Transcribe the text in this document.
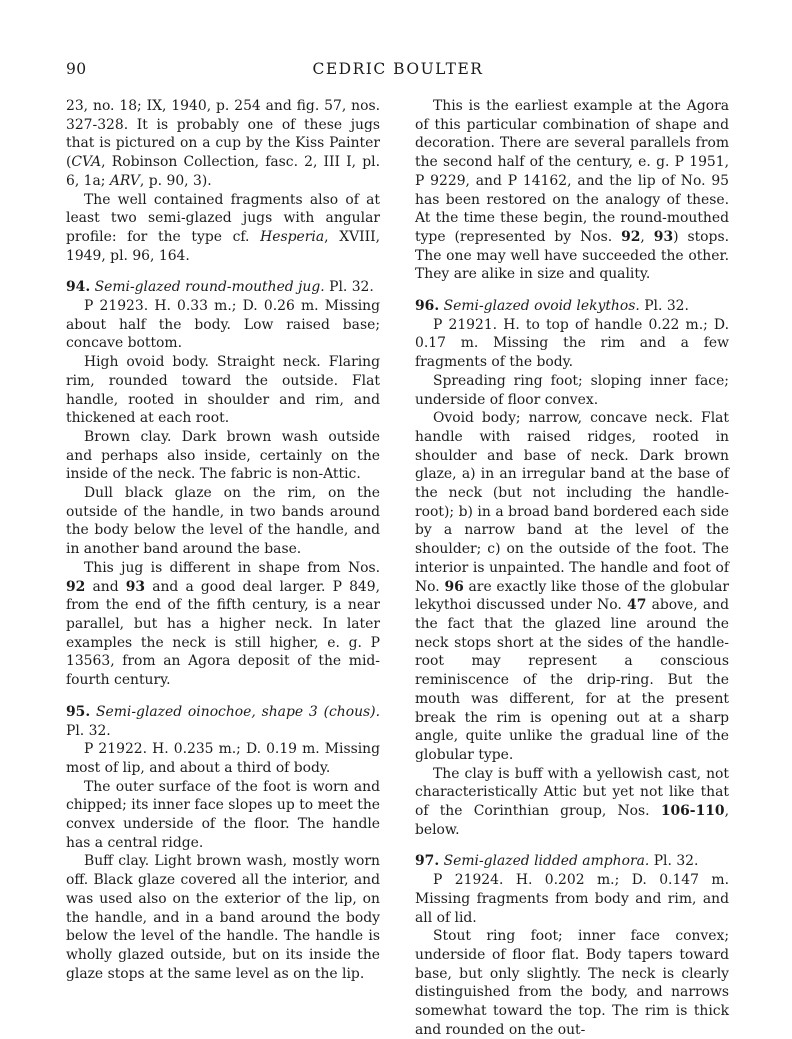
90	CEDRIC BOULTER

23, no. 18; IX, 1940, p. 254 and fig. 57, nos. 327-328. It is probably one of these jugs that is pictured on a cup by the Kiss Painter (CVA, Robinson Collection, fasc. 2, III I, pl. 6, 1a; ARV, p. 90, 3).

The well contained fragments also of at least two semi-glazed jugs with angular profile: for the type cf. Hesperia, XVIII, 1949, pl. 96, 164.

94. Semi-glazed round-mouthed jug. Pl. 32.

P 21923. H. 0.33 m.; D. 0.26 m. Missing about half the body. Low raised base; concave bottom.

High ovoid body. Straight neck. Flaring rim, rounded toward the outside. Flat handle, rooted in shoulder and rim, and thickened at each root.

Brown clay. Dark brown wash outside and perhaps also inside, certainly on the inside of the neck. The fabric is non-Attic.

Dull black glaze on the rim, on the outside of the handle, in two bands around the body below the level of the handle, and in another band around the base.

This jug is different in shape from Nos. 92 and 93 and a good deal larger. P 849, from the end of the fifth century, is a near parallel, but has a higher neck. In later examples the neck is still higher, e. g. P 13563, from an Agora deposit of the mid-fourth century.

95. Semi-glazed oinochoe, shape 3 (chous). Pl. 32.

P 21922. H. 0.235 m.; D. 0.19 m. Missing most of lip, and about a third of body.

The outer surface of the foot is worn and chipped; its inner face slopes up to meet the convex underside of the floor. The handle has a central ridge.

Buff clay. Light brown wash, mostly worn off. Black glaze covered all the interior, and was used also on the exterior of the lip, on the handle, and in a band around the body below the level of the handle. The handle is wholly glazed outside, but on its inside the glaze stops at the same level as on the lip.

This is the earliest example at the Agora of this particular combination of shape and decoration. There are several parallels from the second half of the century, e. g. P 1951, P 9229, and P 14162, and the lip of No. 95 has been restored on the analogy of these. At the time these begin, the round-mouthed type (represented by Nos. 92, 93) stops. The one may well have succeeded the other. They are alike in size and quality.

96. Semi-glazed ovoid lekythos. Pl. 32.

P 21921. H. to top of handle 0.22 m.; D. 0.17 m. Missing the rim and a few fragments of the body.

Spreading ring foot; sloping inner face; underside of floor convex.

Ovoid body; narrow, concave neck. Flat handle with raised ridges, rooted in shoulder and base of neck. Dark brown glaze, a) in an irregular band at the base of the neck (but not including the handle-root); b) in a broad band bordered each side by a narrow band at the level of the shoulder; c) on the outside of the foot. The interior is unpainted. The handle and foot of No. 96 are exactly like those of the globular lekythoi discussed under No. 47 above, and the fact that the glazed line around the neck stops short at the sides of the handle-root may represent a conscious reminiscence of the drip-ring. But the mouth was different, for at the present break the rim is opening out at a sharp angle, quite unlike the gradual line of the globular type.

The clay is buff with a yellowish cast, not characteristically Attic but yet not like that of the Corinthian group, Nos. 106-110, below.

97. Semi-glazed lidded amphora. Pl. 32.

P 21924. H. 0.202 m.; D. 0.147 m. Missing fragments from body and rim, and all of lid.

Stout ring foot; inner face convex; underside of floor flat. Body tapers toward base, but only slightly. The neck is clearly distinguished from the body, and narrows somewhat toward the top. The rim is thick and rounded on the out-
